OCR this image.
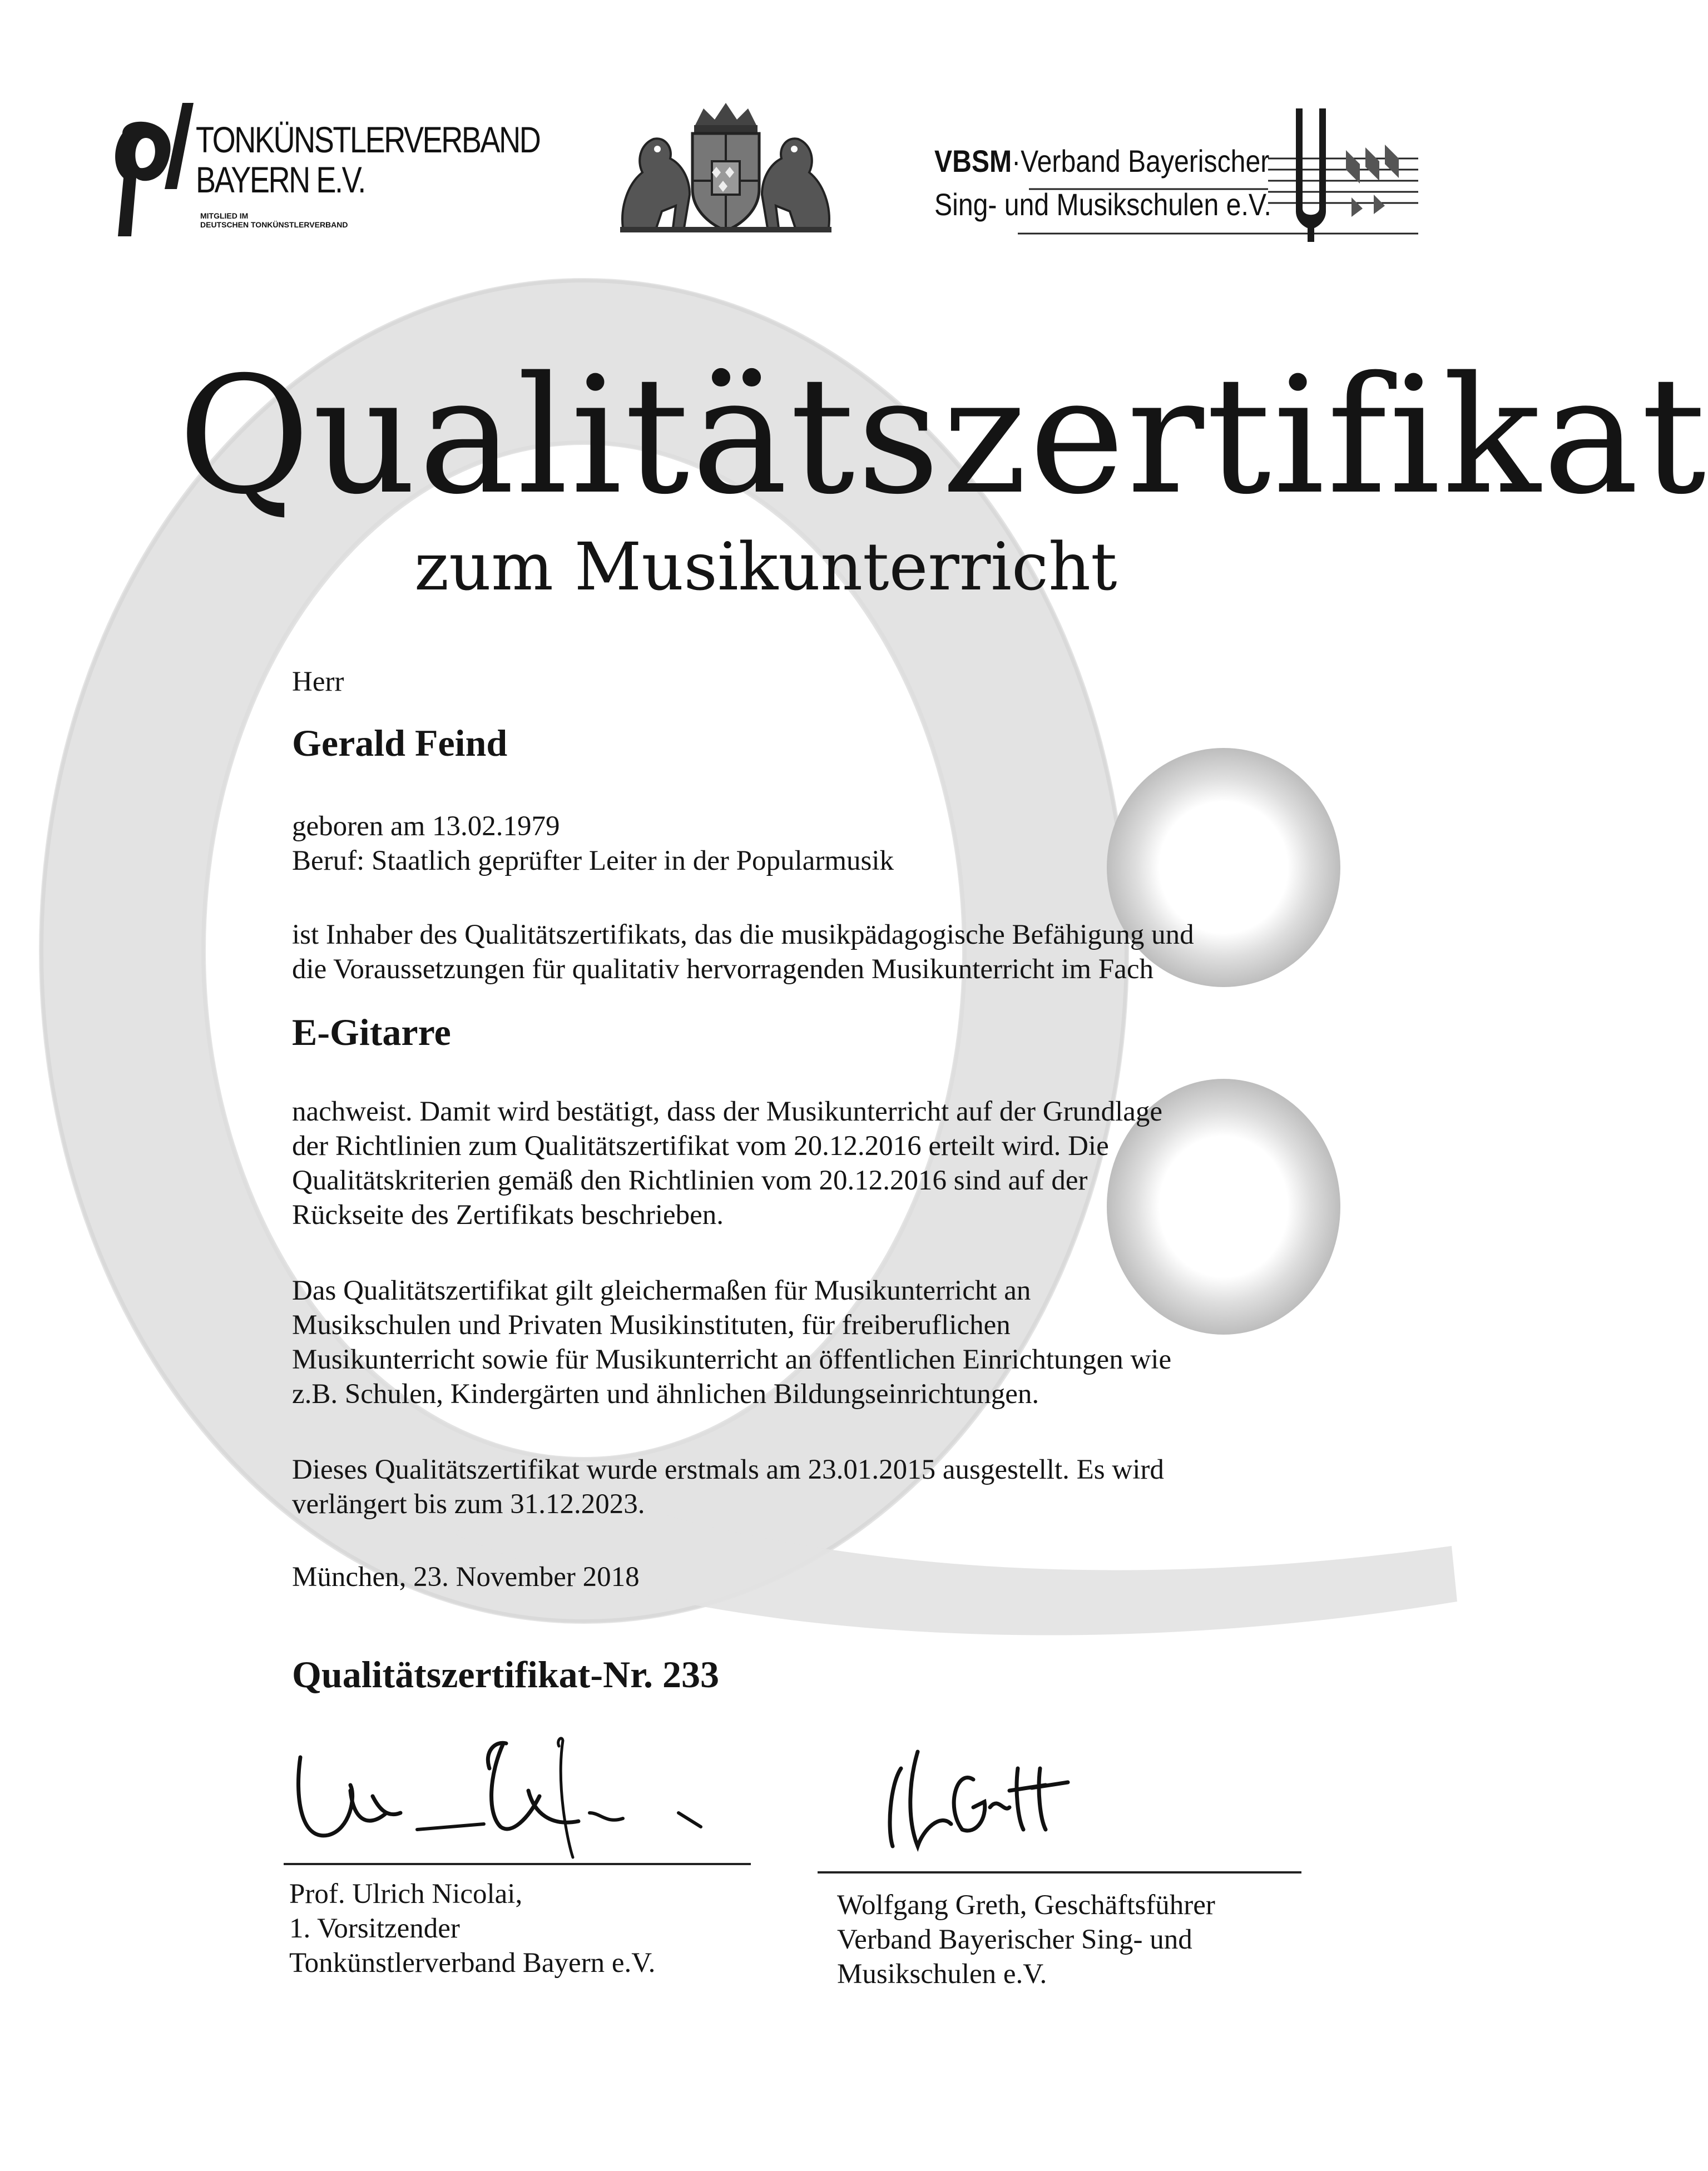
TONKÜNSTLERVERBAND
BAYERN E.V.
MITGLIED IM
DEUTSCHEN TONKÜNSTLERVERBAND
VBSM·Verband Bayerischer
Sing- und Musikschulen e.V.
Qualitätszertifikat
zum Musikunterricht
Herr
Gerald Feind
geboren am 13.02.1979
Beruf: Staatlich geprüfter Leiter in der Popularmusik
ist Inhaber des Qualitätszertifikats, das die musikpädagogische Befähigung und
die Voraussetzungen für qualitativ hervorragenden Musikunterricht im Fach
E-Gitarre
nachweist. Damit wird bestätigt, dass der Musikunterricht auf der Grundlage
der Richtlinien zum Qualitätszertifikat vom 20.12.2016 erteilt wird. Die
Qualitätskriterien gemäß den Richtlinien vom 20.12.2016 sind auf der
Rückseite des Zertifikats beschrieben.
Das Qualitätszertifikat gilt gleichermaßen für Musikunterricht an
Musikschulen und Privaten Musikinstituten, für freiberuflichen
Musikunterricht sowie für Musikunterricht an öffentlichen Einrichtungen wie
z.B. Schulen, Kindergärten und ähnlichen Bildungseinrichtungen.
Dieses Qualitätszertifikat wurde erstmals am 23.01.2015 ausgestellt. Es wird
verlängert bis zum 31.12.2023.
München, 23. November 2018
Qualitätszertifikat-Nr. 233
Prof. Ulrich Nicolai,
1. Vorsitzender
Tonkünstlerverband Bayern e.V.
Wolfgang Greth, Geschäftsführer
Verband Bayerischer Sing- und
Musikschulen e.V.
